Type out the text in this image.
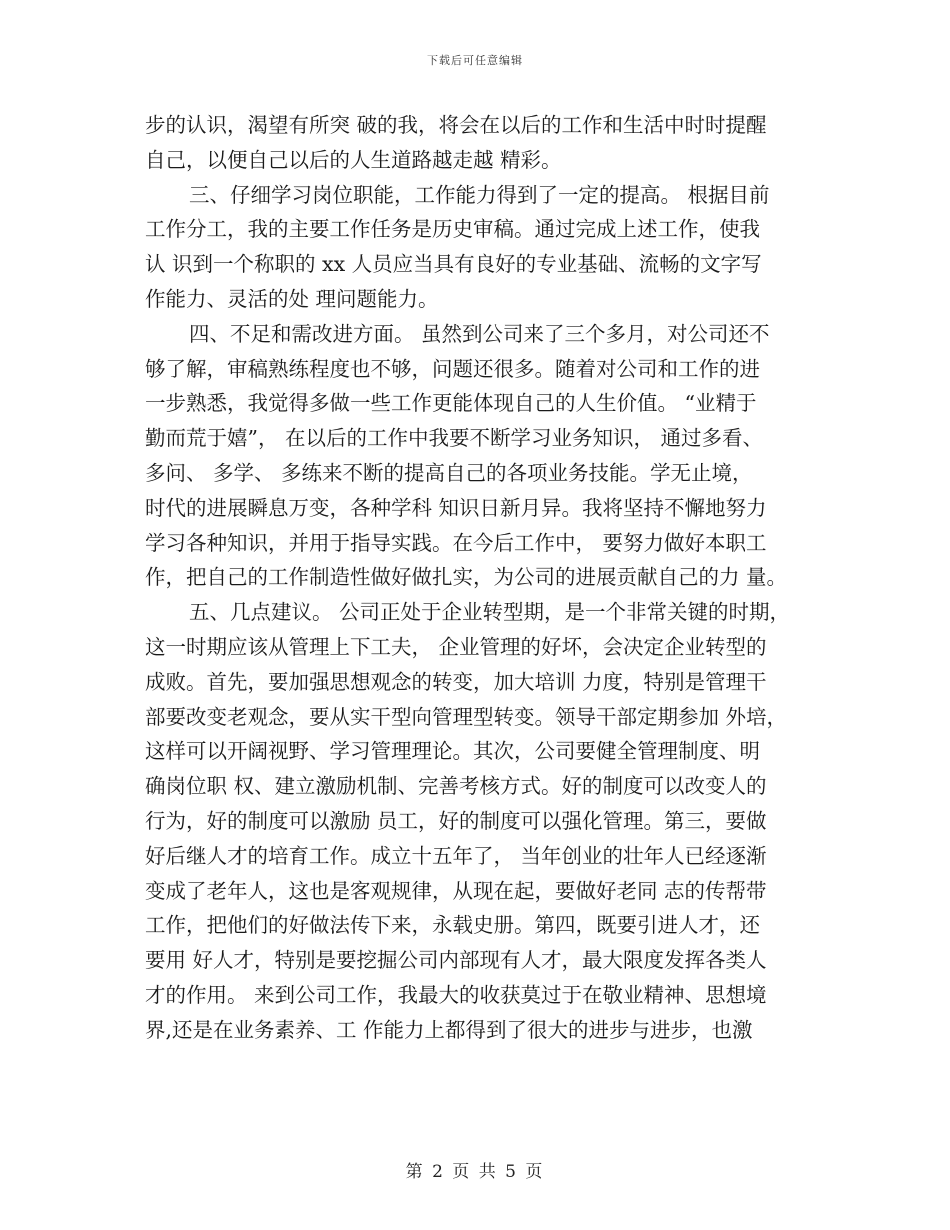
下载后可任意编辑
步的认识，渴望有所突 破的我，将会在以后的工作和生活中时时提醒
自己，以便自己以后的人生道路越走越 精彩。
三、仔细学习岗位职能，工作能力得到了一定的提高。 根据目前
工作分工，我的主要工作任务是历史审稿。通过完成上述工作，使我
认 识到一个称职的 xx 人员应当具有良好的专业基础、流畅的文字写
作能力、灵活的处 理问题能力。
四、不足和需改进方面。 虽然到公司来了三个多月，对公司还不
够了解，审稿熟练程度也不够，问题还很多。随着对公司和工作的进
一步熟悉，我觉得多做一些工作更能体现自己的人生价值。 “业精于
勤而荒于嬉”， 在以后的工作中我要不断学习业务知识， 通过多看、
多问、 多学、 多练来不断的提高自己的各项业务技能。学无止境，
时代的进展瞬息万变，各种学科 知识日新月异。我将坚持不懈地努力
学习各种知识，并用于指导实践。在今后工作中， 要努力做好本职工
作，把自己的工作制造性做好做扎实，为公司的进展贡献自己的力 量。
五、几点建议。 公司正处于企业转型期，是一个非常关键的时期，
这一时期应该从管理上下工夫， 企业管理的好坏，会决定企业转型的
成败。首先，要加强思想观念的转变，加大培训 力度，特别是管理干
部要改变老观念，要从实干型向管理型转变。领导干部定期参加 外培，
这样可以开阔视野、学习管理理论。其次，公司要健全管理制度、明
确岗位职 权、建立激励机制、完善考核方式。好的制度可以改变人的
行为，好的制度可以激励 员工，好的制度可以强化管理。第三，要做
好后继人才的培育工作。成立十五年了， 当年创业的壮年人已经逐渐
变成了老年人，这也是客观规律，从现在起，要做好老同 志的传帮带
工作，把他们的好做法传下来，永载史册。第四，既要引进人才，还
要用 好人才，特别是要挖掘公司内部现有人才，最大限度发挥各类人
才的作用。 来到公司工作，我最大的收获莫过于在敬业精神、思想境
界,还是在业务素养、工 作能力上都得到了很大的进步与进步，也激
第 2 页 共 5 页
